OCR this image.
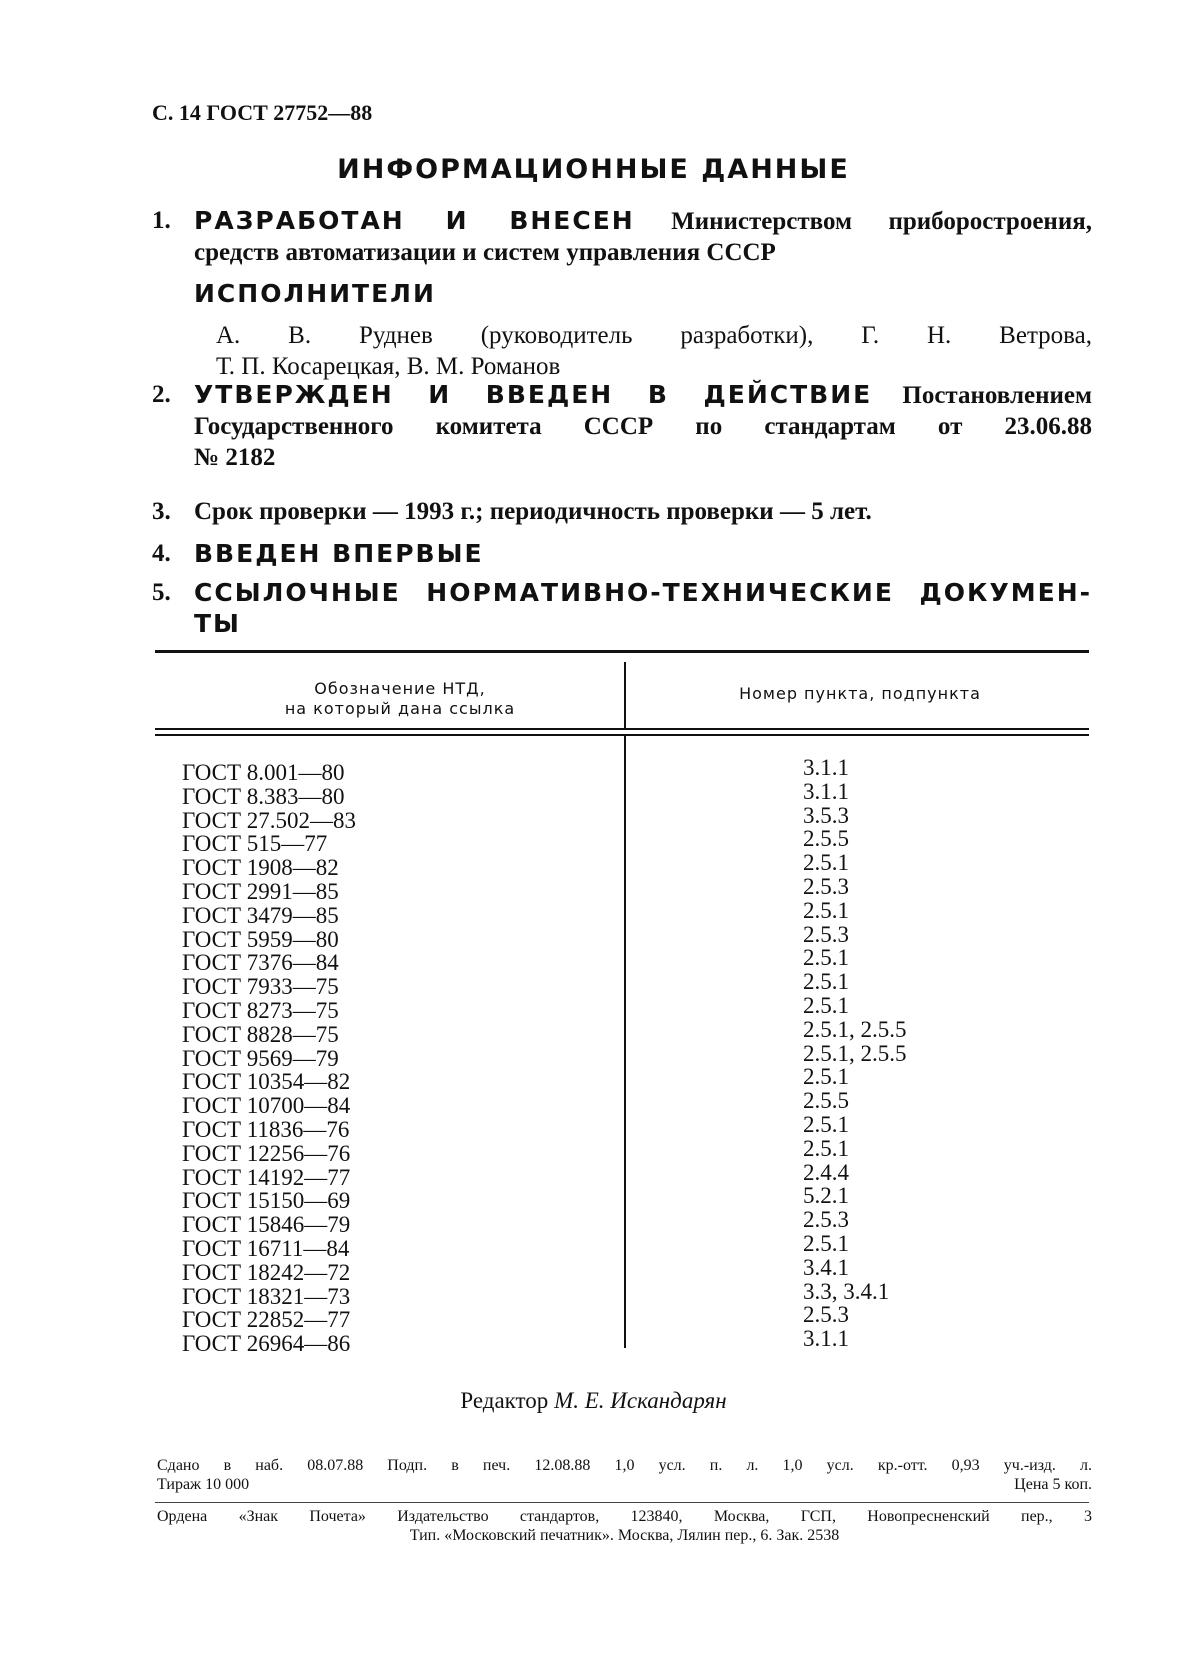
С. 14 ГОСТ 27752—88
ИНФОРМАЦИОННЫЕ ДАННЫЕ
1. РАЗРАБОТАН И ВНЕСЕН Министерством приборостроения,
средств автоматизации и систем управления СССР
ИСПОЛНИТЕЛИ
А. В. Руднев (руководитель разработки), Г. Н. Ветрова,
Т. П. Косарецкая, В. М. Романов
2. УТВЕРЖДЕН И ВВЕДЕН В ДЕЙСТВИЕ Постановлением
Государственного комитета СССР по стандартам от 23.06.88
№ 2182
3. Срок проверки — 1993 г.; периодичность проверки — 5 лет.
4. ВВЕДЕН ВПЕРВЫЕ
5. ССЫЛОЧНЫЕ НОРМАТИВНО-ТЕХНИЧЕСКИЕ ДОКУМЕН-
ТЫ
Обозначение НТД,
на который дана ссылка
Номер пункта, подпункта
ГОСТ 8.001—80
ГОСТ 8.383—80
ГОСТ 27.502—83
ГОСТ 515—77
ГОСТ 1908—82
ГОСТ 2991—85
ГОСТ 3479—85
ГОСТ 5959—80
ГОСТ 7376—84
ГОСТ 7933—75
ГОСТ 8273—75
ГОСТ 8828—75
ГОСТ 9569—79
ГОСТ 10354—82
ГОСТ 10700—84
ГОСТ 11836—76
ГОСТ 12256—76
ГОСТ 14192—77
ГОСТ 15150—69
ГОСТ 15846—79
ГОСТ 16711—84
ГОСТ 18242—72
ГОСТ 18321—73
ГОСТ 22852—77
ГОСТ 26964—86
3.1.1
3.1.1
3.5.3
2.5.5
2.5.1
2.5.3
2.5.1
2.5.3
2.5.1
2.5.1
2.5.1
2.5.1, 2.5.5
2.5.1, 2.5.5
2.5.1
2.5.5
2.5.1
2.5.1
2.4.4
5.2.1
2.5.3
2.5.1
3.4.1
3.3, 3.4.1
2.5.3
3.1.1
Редактор М. Е. Искандарян
Сдано в наб. 08.07.88 Подп. в печ. 12.08.88 1,0 усл. п. л. 1,0 усл. кр.-отт. 0,93 уч.-изд. л.
Тираж 10 000	Цена 5 коп.
Ордена «Знак Почета» Издательство стандартов, 123840, Москва, ГСП, Новопресненский пер., 3
Тип. «Московский печатник». Москва, Лялин пер., 6. Зак. 2538
